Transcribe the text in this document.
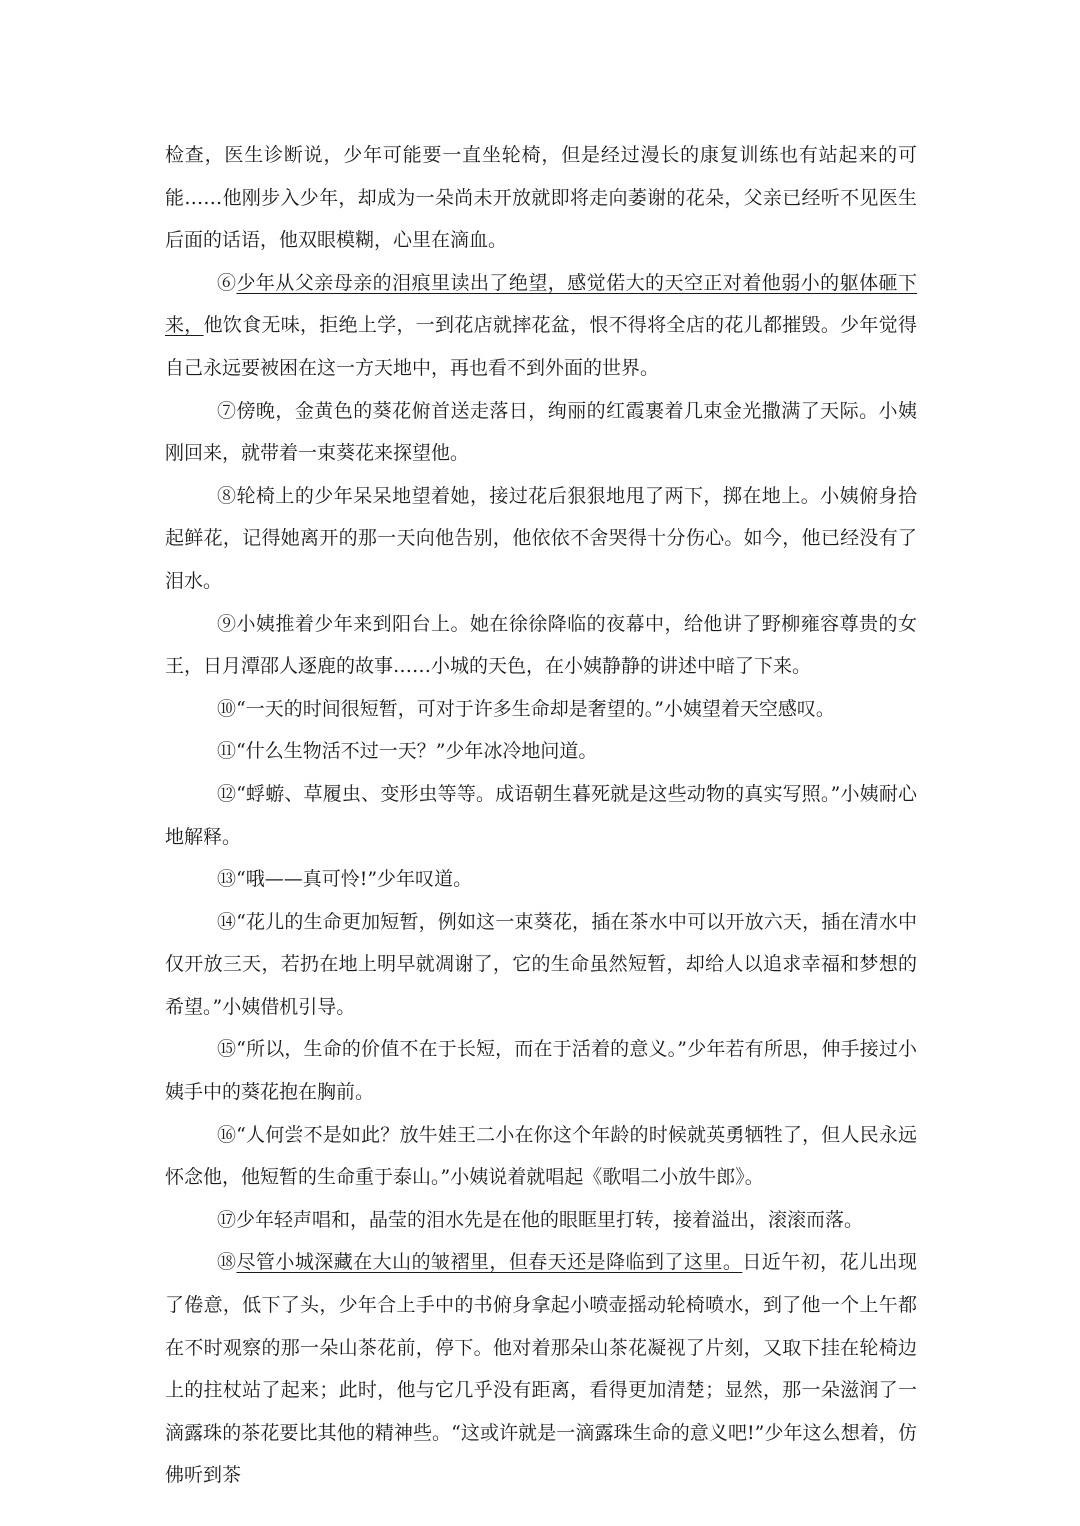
检查，医生诊断说，少年可能要一直坐轮椅，但是经过漫长的康复训练也有站起来的可能……他刚步入少年，却成为一朵尚未开放就即将走向萎谢的花朵，父亲已经听不见医生后面的话语，他双眼模糊，心里在滴血。

⑥少年从父亲母亲的泪痕里读出了绝望，感觉偌大的天空正对着他弱小的躯体砸下来，他饮食无味，拒绝上学，一到花店就摔花盆，恨不得将全店的花儿都摧毁。少年觉得自己永远要被困在这一方天地中，再也看不到外面的世界。

⑦傍晚，金黄色的葵花俯首送走落日，绚丽的红霞裹着几束金光撒满了天际。小姨刚回来，就带着一束葵花来探望他。

⑧轮椅上的少年呆呆地望着她，接过花后狠狠地甩了两下，掷在地上。小姨俯身拾起鲜花，记得她离开的那一天向他告别，他依依不舍哭得十分伤心。如今，他已经没有了泪水。

⑨小姨推着少年来到阳台上。她在徐徐降临的夜幕中，给他讲了野柳雍容尊贵的女王，日月潭邵人逐鹿的故事……小城的天色，在小姨静静的讲述中暗了下来。

⑩“一天的时间很短暂，可对于许多生命却是奢望的。”小姨望着天空感叹。

⑪“什么生物活不过一天？”少年冰冷地问道。

⑫“蜉蝣、草履虫、变形虫等等。成语朝生暮死就是这些动物的真实写照。”小姨耐心地解释。

⑬“哦——真可怜!”少年叹道。

⑭“花儿的生命更加短暂，例如这一束葵花，插在茶水中可以开放六天，插在清水中仅开放三天，若扔在地上明早就凋谢了，它的生命虽然短暂，却给人以追求幸福和梦想的希望。”小姨借机引导。

⑮“所以，生命的价值不在于长短，而在于活着的意义。”少年若有所思，伸手接过小姨手中的葵花抱在胸前。

⑯“人何尝不是如此？放牛娃王二小在你这个年龄的时候就英勇牺牲了，但人民永远怀念他，他短暂的生命重于泰山。”小姨说着就唱起《歌唱二小放牛郎》。

⑰少年轻声唱和，晶莹的泪水先是在他的眼眶里打转，接着溢出，滚滚而落。

⑱尽管小城深藏在大山的皱褶里，但春天还是降临到了这里。日近午初，花儿出现了倦意，低下了头，少年合上手中的书俯身拿起小喷壶摇动轮椅喷水，到了他一个上午都在不时观察的那一朵山茶花前，停下。他对着那朵山茶花凝视了片刻，又取下挂在轮椅边上的拄杖站了起来；此时，他与它几乎没有距离，看得更加清楚；显然，那一朵滋润了一滴露珠的茶花要比其他的精神些。“这或许就是一滴露珠生命的意义吧!”少年这么想着，仿佛听到茶
